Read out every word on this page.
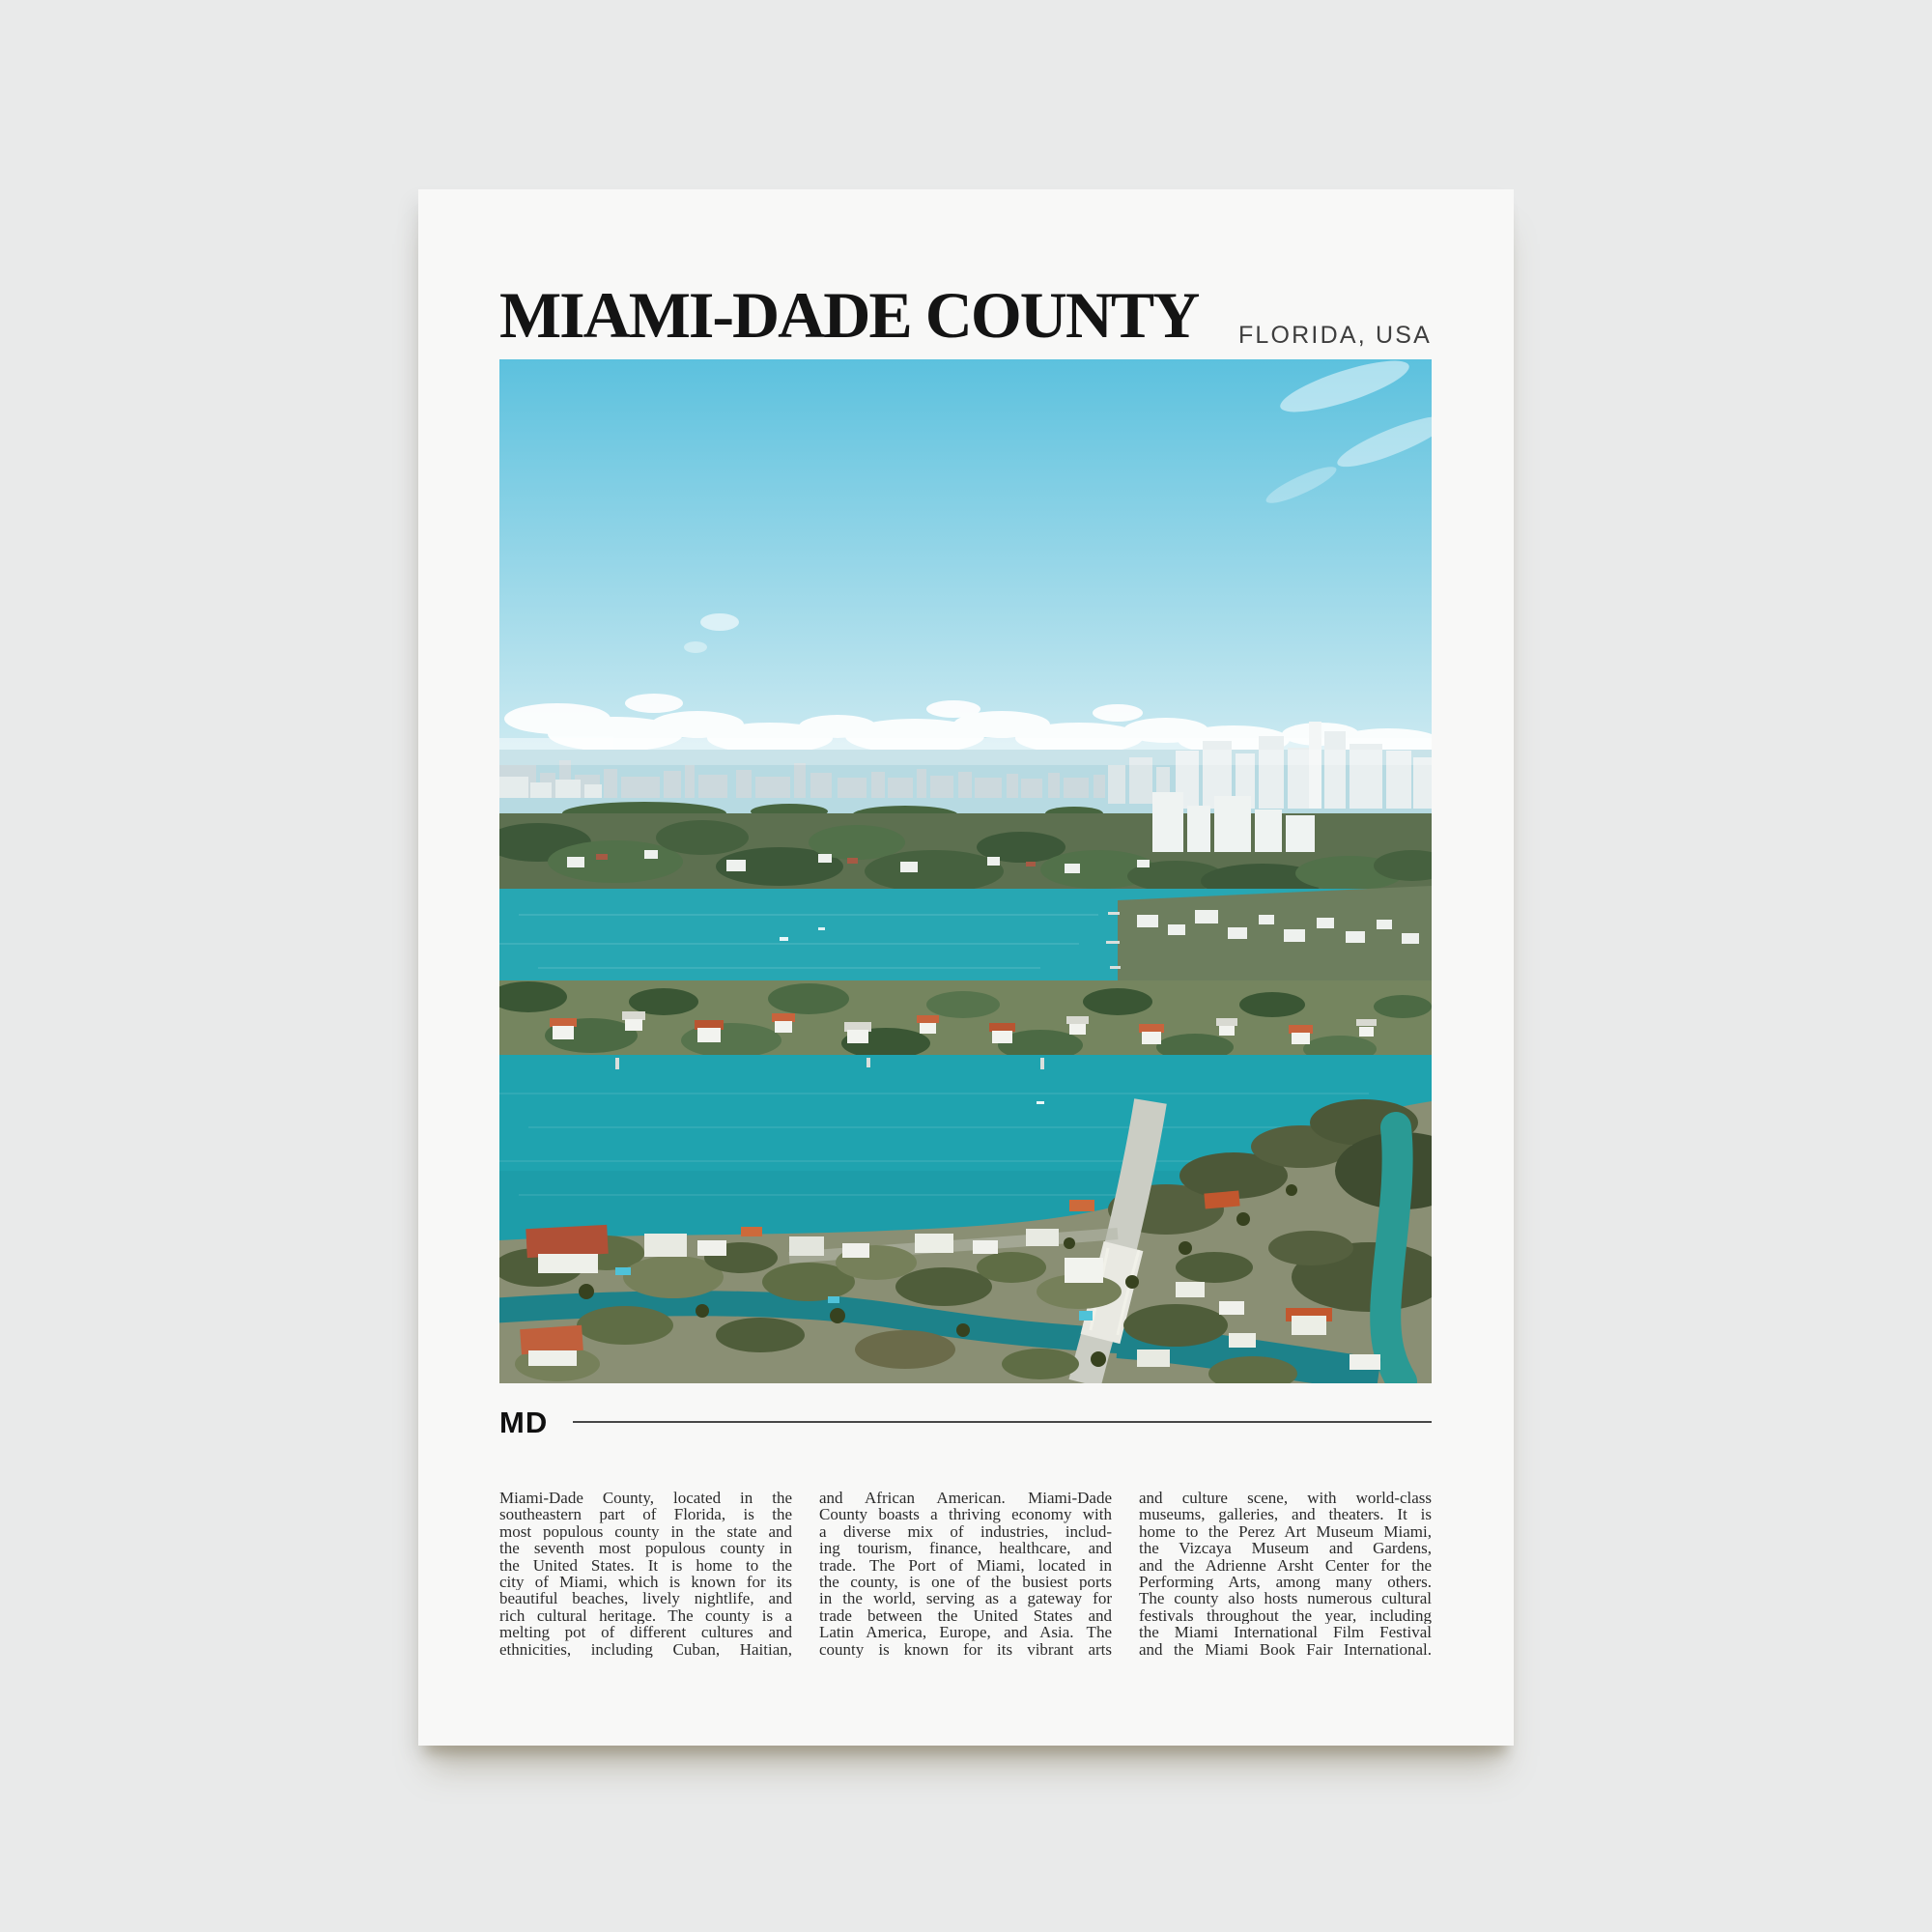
MIAMI-DADE COUNTY FLORIDA, USA
MD
Miami-Dade County, located in the
southeastern part of Florida, is the
most populous county in the state and
the seventh most populous county in
the United States. It is home to the
city of Miami, which is known for its
beautiful beaches, lively nightlife, and
rich cultural heritage. The county is a
melting pot of different cultures and
ethnicities, including Cuban, Haitian,
and African American. Miami-Dade
County boasts a thriving economy with
a diverse mix of industries, includ-
ing tourism, finance, healthcare, and
trade. The Port of Miami, located in
the county, is one of the busiest ports
in the world, serving as a gateway for
trade between the United States and
Latin America, Europe, and Asia. The
county is known for its vibrant arts
and culture scene, with world-class
museums, galleries, and theaters. It is
home to the Perez Art Museum Miami,
the Vizcaya Museum and Gardens,
and the Adrienne Arsht Center for the
Performing Arts, among many others.
The county also hosts numerous cultural
festivals throughout the year, including
the Miami International Film Festival
and the Miami Book Fair International.
